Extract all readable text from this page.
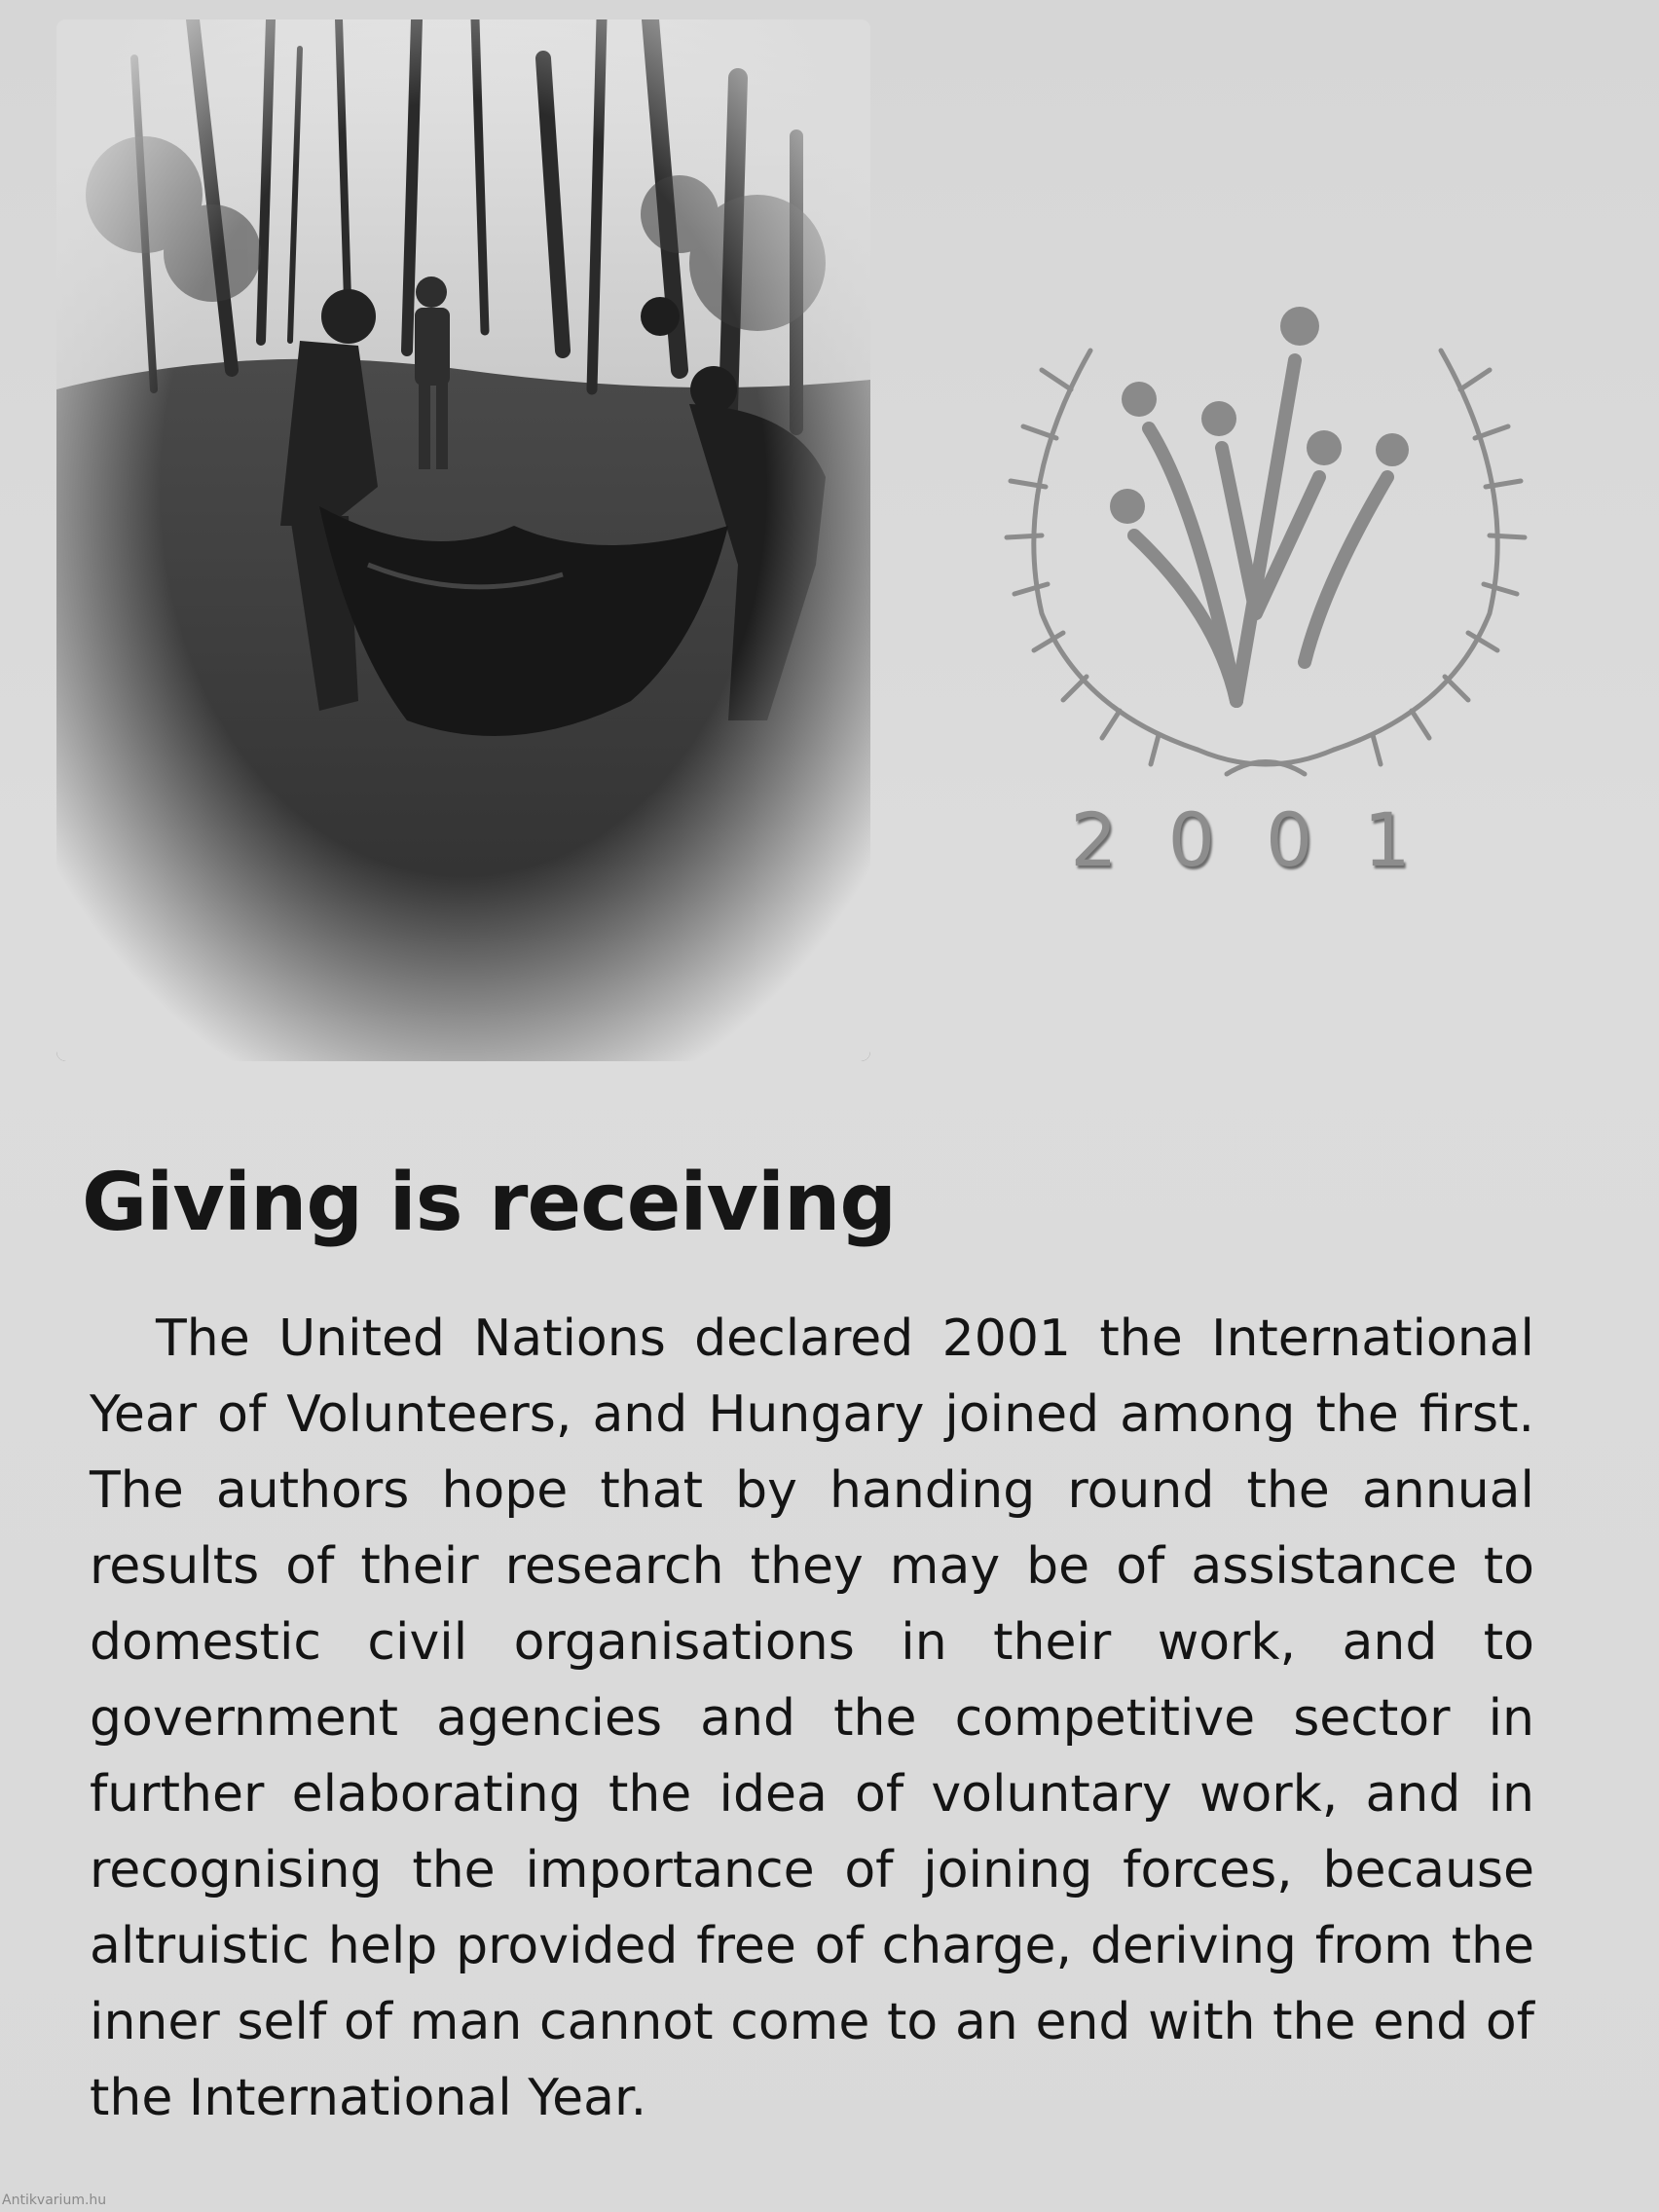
2001
Giving is receiving

The United Nations declared 2001 the International Year of Volunteers, and Hungary joined among the first. The authors hope that by handing round the annual results of their research they may be of assistance to domestic civil organisations in their work, and to government agencies and the competitive sector in further elaborating the idea of voluntary work, and in recognising the importance of joining forces, because altruistic help provided free of charge, deriving from the inner self of man cannot come to an end with the end of the International Year.

Antikvarium.hu
